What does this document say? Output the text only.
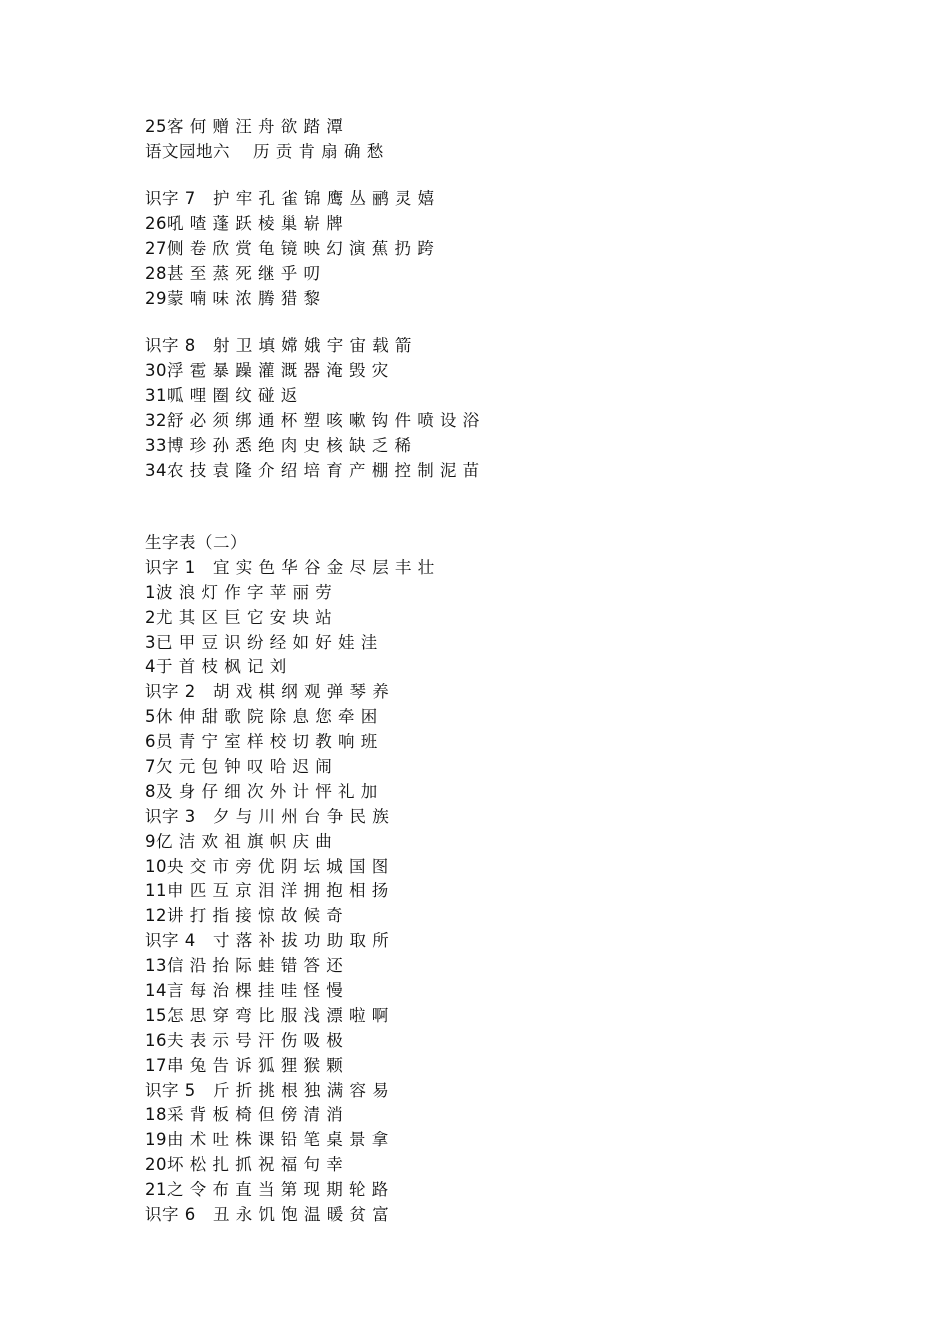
25客 何 赠 汪 舟 欲 踏 潭
语文园地六    历 贡 肯 扇 确 愁
识字 7   护 牢 孔 雀 锦 鹰 丛 鹂 灵 嬉
26吼 喳 蓬 跃 棱 巢 崭 牌
27侧 卷 欣 赏 龟 镜 映 幻 演 蕉 扔 跨
28甚 至 蒸 死 继 乎 叨
29蒙 喃 味 浓 腾 猎 黎
识字 8   射 卫 填 嫦 娥 宇 宙 载 箭
30浮 雹 暴 躁 灌 溉 器 淹 毁 灾
31呱 哩 圈 纹 碰 返
32舒 必 须 绑 通 杯 塑 咳 嗽 钩 件 喷 设 浴
33博 珍 孙 悉 绝 肉 史 核 缺 乏 稀
34农 技 袁 隆 介 绍 培 育 产 棚 控 制 泥 苗
生字表（二）
识字 1   宜 实 色 华 谷 金 尽 层 丰 壮
1波 浪 灯 作 字 苹 丽 劳
2尤 其 区 巨 它 安 块 站
3已 甲 豆 识 纷 经 如 好 娃 洼
4于 首 枝 枫 记 刘
识字 2   胡 戏 棋 纲 观 弹 琴 养
5休 伸 甜 歌 院 除 息 您 牵 困
6员 青 宁 室 样 校 切 教 响 班
7欠 元 包 钟 叹 哈 迟 闹
8及 身 仔 细 次 外 计 怦 礼 加
识字 3   夕 与 川 州 台 争 民 族
9亿 洁 欢 祖 旗 帜 庆 曲
10央 交 市 旁 优 阴 坛 城 国 图
11申 匹 互 京 泪 洋 拥 抱 相 扬
12讲 打 指 接 惊 故 候 奇
识字 4   寸 落 补 拔 功 助 取 所
13信 沿 抬 际 蛙 错 答 还
14言 每 治 棵 挂 哇 怪 慢
15怎 思 穿 弯 比 服 浅 漂 啦 啊
16夫 表 示 号 汗 伤 吸 极
17串 兔 告 诉 狐 狸 猴 颗
识字 5   斤 折 挑 根 独 满 容 易
18采 背 板 椅 但 傍 清 消
19由 术 吐 株 课 铅 笔 桌 景 拿
20坏 松 扎 抓 祝 福 句 幸
21之 令 布 直 当 第 现 期 轮 路
识字 6   丑 永 饥 饱 温 暖 贫 富
